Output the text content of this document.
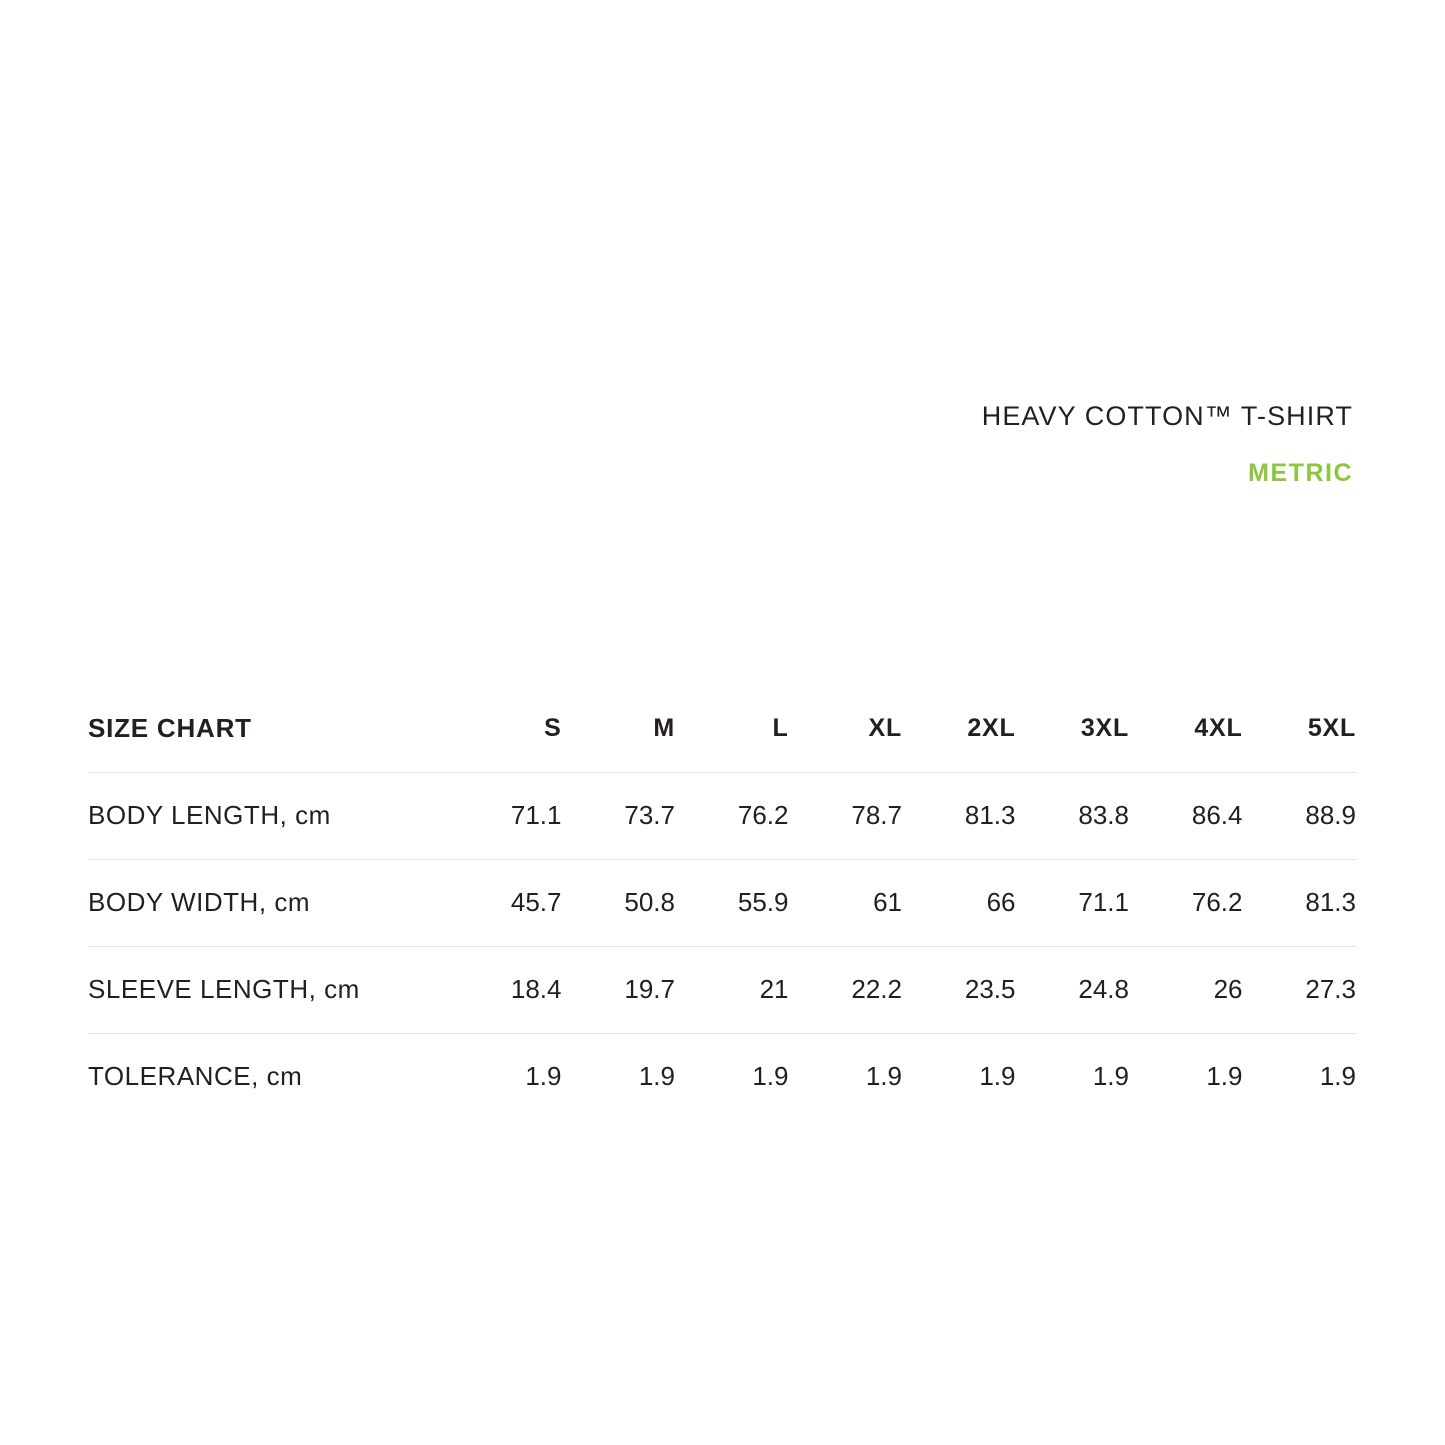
HEAVY COTTON™ T-SHIRT
METRIC
SIZE CHART	S	M	L	XL	2XL	3XL	4XL	5XL
BODY LENGTH, cm	71.1	73.7	76.2	78.7	81.3	83.8	86.4	88.9
BODY WIDTH, cm	45.7	50.8	55.9	61	66	71.1	76.2	81.3
SLEEVE LENGTH, cm	18.4	19.7	21	22.2	23.5	24.8	26	27.3
TOLERANCE, cm	1.9	1.9	1.9	1.9	1.9	1.9	1.9	1.9
